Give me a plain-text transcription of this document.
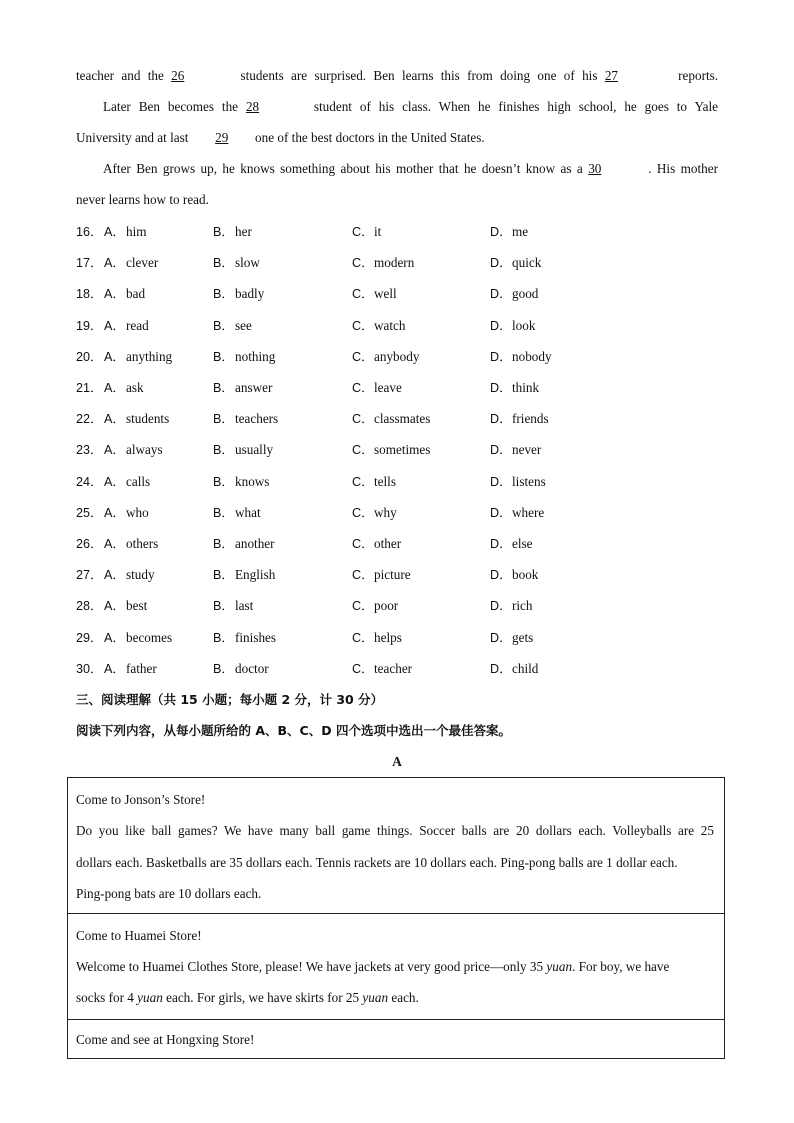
teacher and the 26	students are surprised. Ben learns this from doing one of his 27	reports.
Later Ben becomes the 28	student of his class. When he finishes high school, he goes to Yale
University and at last 29 one of the best doctors in the United States.
After Ben grows up, he knows something about his mother that he doesn’t know as a 30	. His mother
never learns how to read.
16． A．him	B．her	C．it	D．me
17． A．clever	B．slow	C．modern	D．quick
18． A．bad	B．badly	C．well	D．good
19． A．read	B．see	C．watch	D．look
20． A．anything	B．nothing	C．anybody	D．nobody
21． A．ask	B．answer	C．leave	D．think
22． A．students	B．teachers	C．classmates	D．friends
23． A．always	B．usually	C．sometimes	D．never
24． A．calls	B．knows	C．tells	D．listens
25． A．who	B．what	C．why	D．where
26． A．others	B．another	C．other	D．else
27． A．study	B．English	C．picture	D．book
28． A．best	B．last	C．poor	D．rich
29． A．becomes	B．finishes	C．helps	D．gets
30． A．father	B．doctor	C．teacher	D．child
三、阅读理解（共 15 小题；每小题 2 分，计 30 分）
阅读下列内容，从每小题所给的 A、B、C、D 四个选项中选出一个最佳答案。
A
Come to Jonson’s Store!
Do you like ball games? We have many ball game things. Soccer balls are 20 dollars each. Volleyballs are 25
dollars each. Basketballs are 35 dollars each. Tennis rackets are 10 dollars each. Ping-pong balls are 1 dollar each.
Ping-pong bats are 10 dollars each.
Come to Huamei Store!
Welcome to Huamei Clothes Store, please! We have jackets at very good price—only 35 yuan. For boy, we have
socks for 4 yuan each. For girls, we have skirts for 25 yuan each.
Come and see at Hongxing Store!
